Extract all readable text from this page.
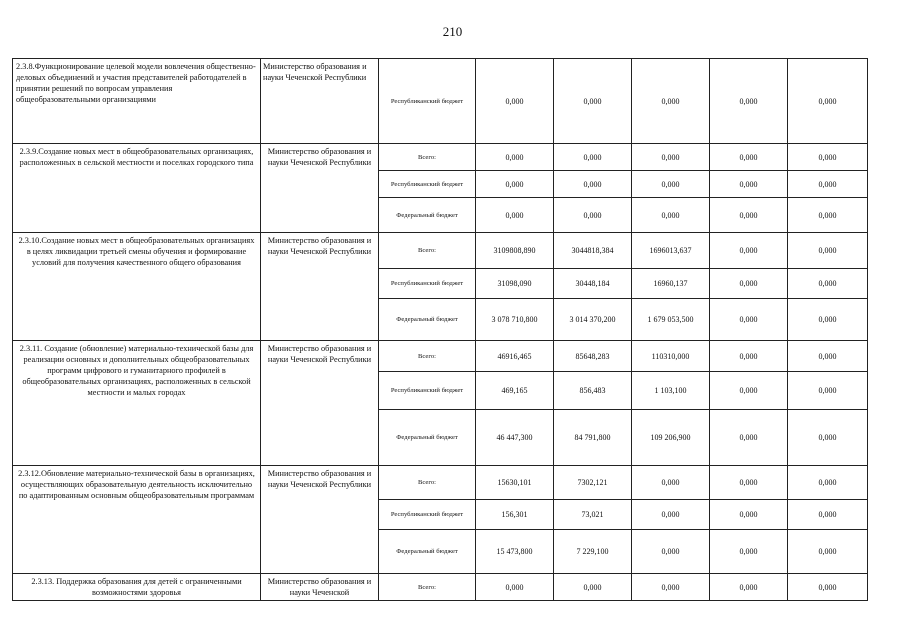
210
2.3.8.Функционирование целевой модели вовлечения общественно-деловых объединений и участия представителей работодателей в принятии решений по вопросам управления общеобразовательными организациями	Министерство образования и науки Чеченской Республики	Республиканский бюджет	0,000	0,000	0,000	0,000	0,000
2.3.9.Создание новых мест в общеобразовательных организациях, расположенных в сельской местности и поселках городского типа	Министерство образования и науки Чеченской Республики	Всего:	0,000	0,000	0,000	0,000	0,000
		Республиканский бюджет	0,000	0,000	0,000	0,000	0,000
		Федеральный бюджет	0,000	0,000	0,000	0,000	0,000
2.3.10.Создание новых мест в общеобразовательных организациях в целях ликвидации третьей смены обучения и формирование условий для получения качественного общего образования	Министерство образования и науки Чеченской Республики	Всего:	3109808,890	3044818,384	1696013,637	0,000	0,000
		Республиканский бюджет	31098,090	30448,184	16960,137	0,000	0,000
		Федеральный бюджет	3 078 710,800	3 014 370,200	1 679 053,500	0,000	0,000
2.3.11. Создание (обновление) материально-технической базы для реализации основных и дополнительных общеобразовательных программ цифрового и гуманитарного профилей в общеобразовательных организациях, расположенных в сельской местности и малых городах	Министерство образования и науки Чеченской Республики	Всего:	46916,465	85648,283	110310,000	0,000	0,000
		Республиканский бюджет	469,165	856,483	1 103,100	0,000	0,000
		Федеральный бюджет	46 447,300	84 791,800	109 206,900	0,000	0,000
2.3.12.Обновление материально-технической базы в организациях, осуществляющих образовательную деятельность исключительно по адаптированным основным общеобразовательным программам	Министерство образования и науки Чеченской Республики	Всего:	15630,101	7302,121	0,000	0,000	0,000
		Республиканский бюджет	156,301	73,021	0,000	0,000	0,000
		Федеральный бюджет	15 473,800	7 229,100	0,000	0,000	0,000
2.3.13. Поддержка образования для детей с ограниченными возможностями здоровья	Министерство образования и науки Чеченской	Всего:	0,000	0,000	0,000	0,000	0,000
